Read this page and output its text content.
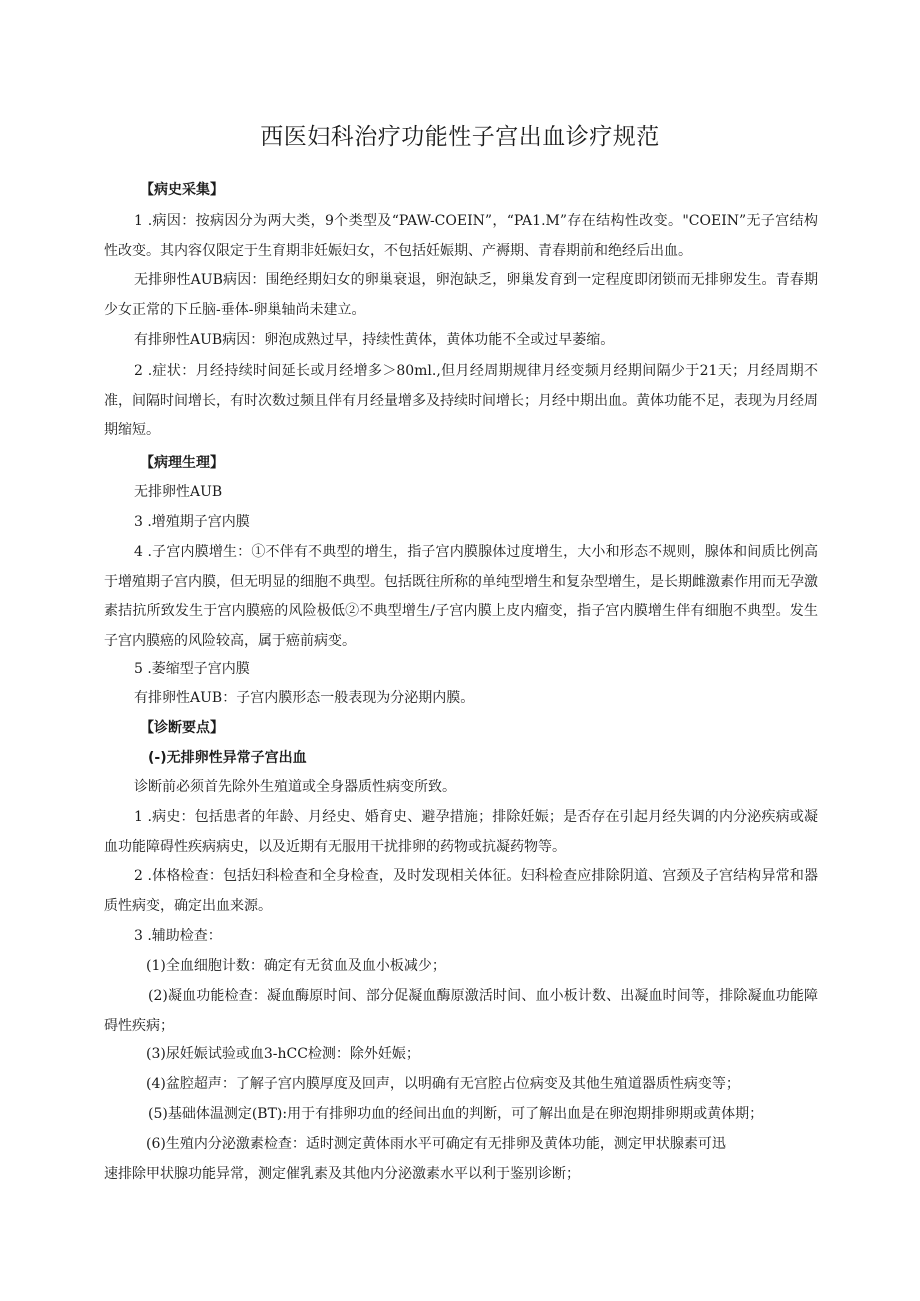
西医妇科治疗功能性子宫出血诊疗规范
【病史采集】
1 .病因：按病因分为两大类，9个类型及“PAW-COEIN”，“PA1.M”存在结构性改变。"COEIN”无子宫结构性改变。其内容仅限定于生育期非妊娠妇女，不包括妊娠期、产褥期、青春期前和绝经后出血。
无排卵性AUB病因：围绝经期妇女的卵巢衰退，卵泡缺乏，卵巢发育到一定程度即闭锁而无排卵发生。青春期少女正常的下丘脑-垂体-卵巢轴尚未建立。
有排卵性AUB病因：卵泡成熟过早，持续性黄体，黄体功能不全或过早萎缩。
2 .症状：月经持续时间延长或月经增多＞80ml.,但月经周期规律月经变频月经期间隔少于21天；月经周期不准，间隔时间增长，有时次数过频且伴有月经量增多及持续时间增长；月经中期出血。黄体功能不足，表现为月经周期缩短。
【病理生理】
无排卵性AUB
3 .增殖期子宫内膜
4 .子宫内膜增生：①不伴有不典型的增生，指子宫内膜腺体过度增生，大小和形态不规则，腺体和间质比例高于增殖期子宫内膜，但无明显的细胞不典型。包括既往所称的单纯型增生和复杂型增生，是长期雌激素作用而无孕激素拮抗所致发生于宫内膜癌的风险极低②不典型增生/子宫内膜上皮内瘤变，指子宫内膜增生伴有细胞不典型。发生子宫内膜癌的风险较高，属于癌前病变。
5 .萎缩型子宫内膜
有排卵性AUB：子宫内膜形态一般表现为分泌期内膜。
【诊断要点】
(-)无排卵性异常子宫出血
诊断前必须首先除外生殖道或全身器质性病变所致。
1 .病史：包括患者的年龄、月经史、婚育史、避孕措施；排除妊娠；是否存在引起月经失调的内分泌疾病或凝血功能障碍性疾病病史，以及近期有无服用干扰排卵的药物或抗凝药物等。
2 .体格检查：包括妇科检查和全身检查，及时发现相关体征。妇科检查应排除阴道、宫颈及子宫结构异常和器质性病变，确定出血来源。
3 .辅助检查：
(1)全血细胞计数：确定有无贫血及血小板减少；
(2)凝血功能检查：凝血酶原时间、部分促凝血酶原激活时间、血小板计数、出凝血时间等，排除凝血功能障碍性疾病；
(3)尿妊娠试验或血3-hCC检测：除外妊娠；
(4)盆腔超声：了解子宫内膜厚度及回声，以明确有无宫腔占位病变及其他生殖道器质性病变等；
(5)基础体温测定(BT):用于有排卵功血的经间出血的判断，可了解出血是在卵泡期排卵期或黄体期；
(6)生殖内分泌激素检查：适时测定黄体雨水平可确定有无排卵及黄体功能，测定甲状腺素可迅
速排除甲状腺功能异常，测定催乳素及其他内分泌激素水平以利于鉴别诊断；
